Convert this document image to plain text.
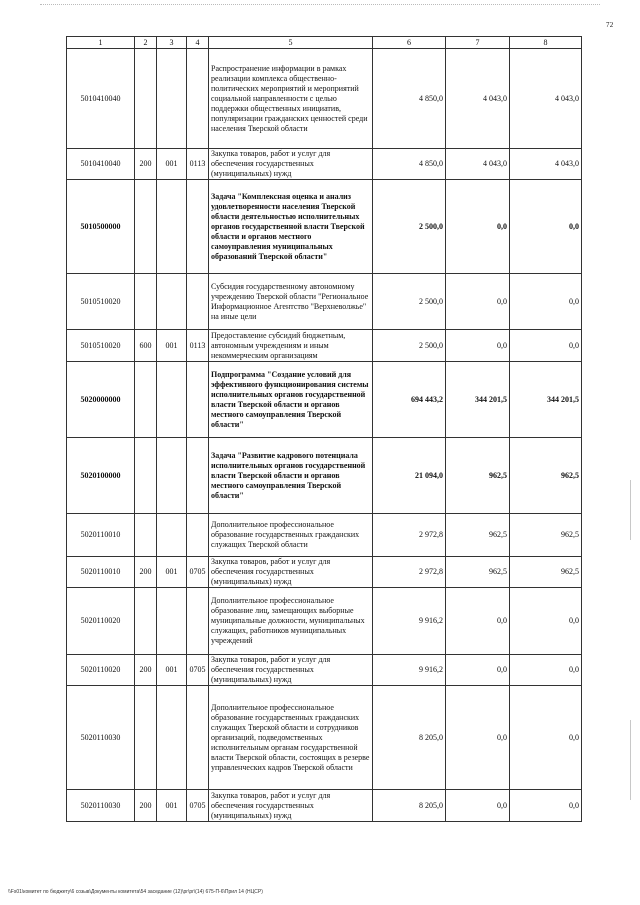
72
1	2	3	4	5	6	7	8
5010410040				Распространение информации в рамках реализации комплекса общественно-политических мероприятий и мероприятий социальной направленности с целью поддержки общественных инициатив, популяризации гражданских ценностей среди населения Тверской области	4 850,0	4 043,0	4 043,0
5010410040	200	001	0113	Закупка товаров, работ и услуг для обеспечения государственных (муниципальных) нужд	4 850,0	4 043,0	4 043,0
5010500000				Задача "Комплексная оценка и анализ удовлетворенности населения Тверской области деятельностью исполнительных органов государственной власти Тверской области и органов местного самоуправления муниципальных образований Тверской области"	2 500,0	0,0	0,0
5010510020				Субсидия государственному автономному учреждению Тверской области "Региональное Информационное Агентство "Верхневолжье" на иные цели	2 500,0	0,0	0,0
5010510020	600	001	0113	Предоставление субсидий бюджетным, автономным учреждениям и иным некоммерческим организациям	2 500,0	0,0	0,0
5020000000				Подпрограмма "Создание условий для эффективного функционирования системы исполнительных органов государственной власти Тверской области и органов местного самоуправления Тверской области"	694 443,2	344 201,5	344 201,5
5020100000				Задача "Развитие кадрового потенциала исполнительных органов государственной власти Тверской области и органов местного самоуправления Тверской области"	21 094,0	962,5	962,5
5020110010				Дополнительное профессиональное образование государственных гражданских служащих Тверской области	2 972,8	962,5	962,5
5020110010	200	001	0705	Закупка товаров, работ и услуг для обеспечения государственных (муниципальных) нужд	2 972,8	962,5	962,5
5020110020				Дополнительное профессиональное образование лиц, замещающих выборные муниципальные должности, муниципальных служащих, работников муниципальных учреждений	9 916,2	0,0	0,0
5020110020	200	001	0705	Закупка товаров, работ и услуг для обеспечения государственных (муниципальных) нужд	9 916,2	0,0	0,0
5020110030				Дополнительное профессиональное образование государственных гражданских служащих Тверской области и сотрудников организаций, подведомственных исполнительным органам государственной власти Тверской области, состоящих в резерве управленческих кадров Тверской области	8 205,0	0,0	0,0
5020110030	200	001	0705	Закупка товаров, работ и услуг для обеспечения государственных (муниципальных) нужд	8 205,0	0,0	0,0
\\Fs01\комитет по бюджету\6 созыв\Документы комитета\54 заседание (12)\pr\pr\(14) 675-П-6\Прил 14 (НЦСР)
